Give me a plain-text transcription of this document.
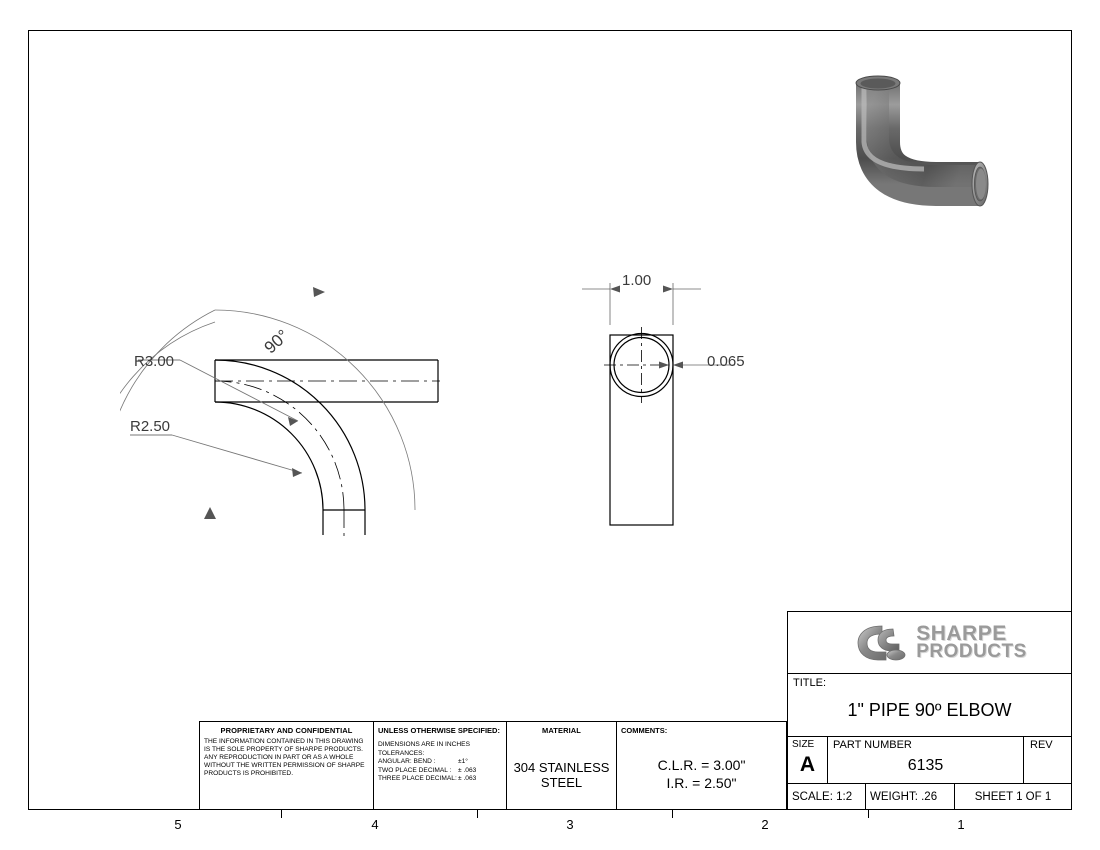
90°
R3.00
R2.50
1.00
0.065
5	4	3	2	1
PROPRIETARY AND CONFIDENTIAL
THE INFORMATION CONTAINED IN THIS DRAWING IS THE SOLE PROPERTY OF SHARPE PRODUCTS. ANY REPRODUCTION IN PART OR AS A WHOLE WITHOUT THE WRITTEN PERMISSION OF SHARPE PRODUCTS IS PROHIBITED.
UNLESS OTHERWISE SPECIFIED:
DIMENSIONS ARE IN INCHES
TOLERANCES:
ANGULAR: BEND :	±1°
TWO PLACE DECIMAL : ± .063
THREE PLACE DECIMAL: ± .063
MATERIAL
304 STAINLESS STEEL
COMMENTS:
C.L.R. = 3.00"
I.R. = 2.50"
SHARPE
PRODUCTS
TITLE:
1" PIPE 90º ELBOW
SIZE
A
PART NUMBER
6135
REV
SCALE: 1:2	WEIGHT: .26	SHEET 1 OF 1
